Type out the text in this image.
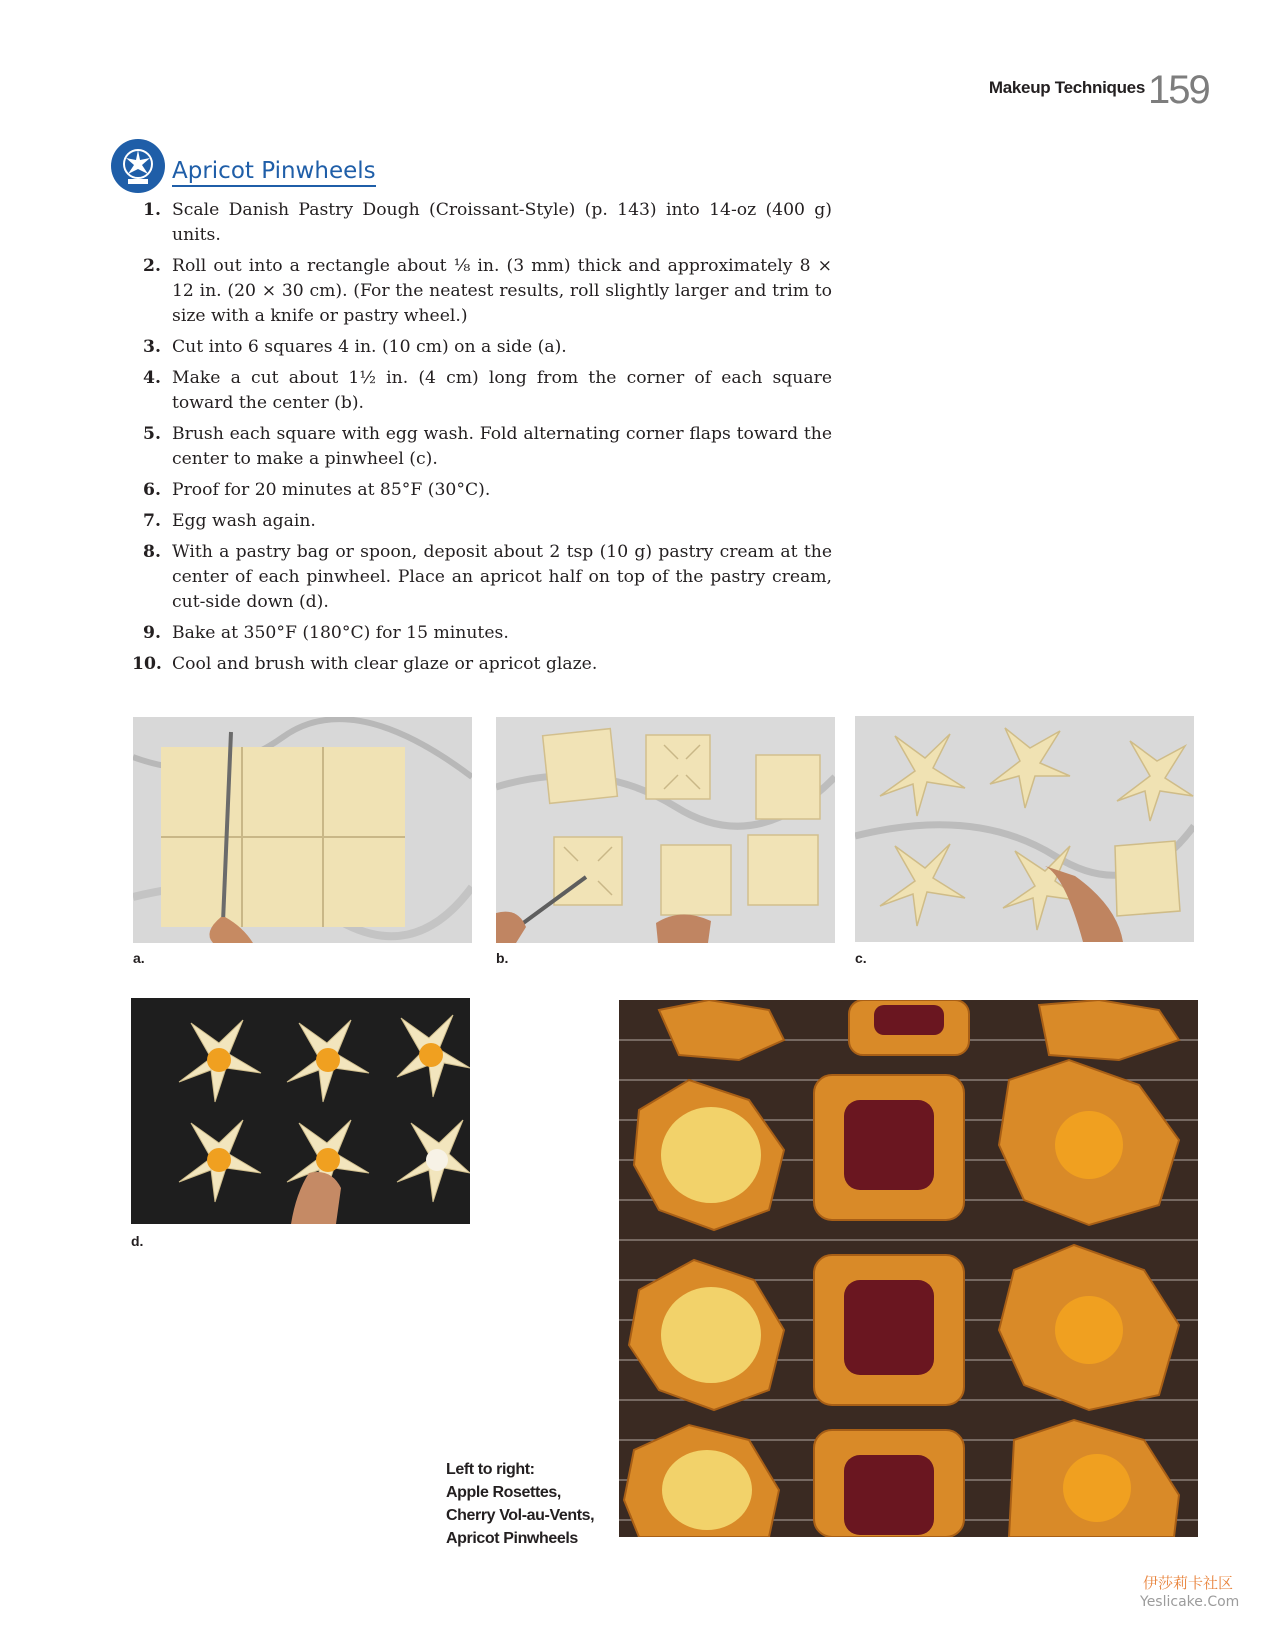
Makeup Techniques 159
Apricot Pinwheels
1. Scale Danish Pastry Dough (Croissant-Style) (p. 143) into 14-oz (400 g) units.
2. Roll out into a rectangle about ⅛ in. (3 mm) thick and approximately 8 × 12 in. (20 × 30 cm). (For the neatest results, roll slightly larger and trim to size with a knife or pastry wheel.)
3. Cut into 6 squares 4 in. (10 cm) on a side (a).
4. Make a cut about 1½ in. (4 cm) long from the corner of each square toward the center (b).
5. Brush each square with egg wash. Fold alternating corner flaps toward the center to make a pinwheel (c).
6. Proof for 20 minutes at 85°F (30°C).
7. Egg wash again.
8. With a pastry bag or spoon, deposit about 2 tsp (10 g) pastry cream at the center of each pinwheel. Place an apricot half on top of the pastry cream, cut-side down (d).
9. Bake at 350°F (180°C) for 15 minutes.
10. Cool and brush with clear glaze or apricot glaze.
a.	b.	c.
d.
Left to right:
Apple Rosettes,
Cherry Vol-au-Vents,
Apricot Pinwheels
伊莎莉卡社区
Yeslicake.Com
